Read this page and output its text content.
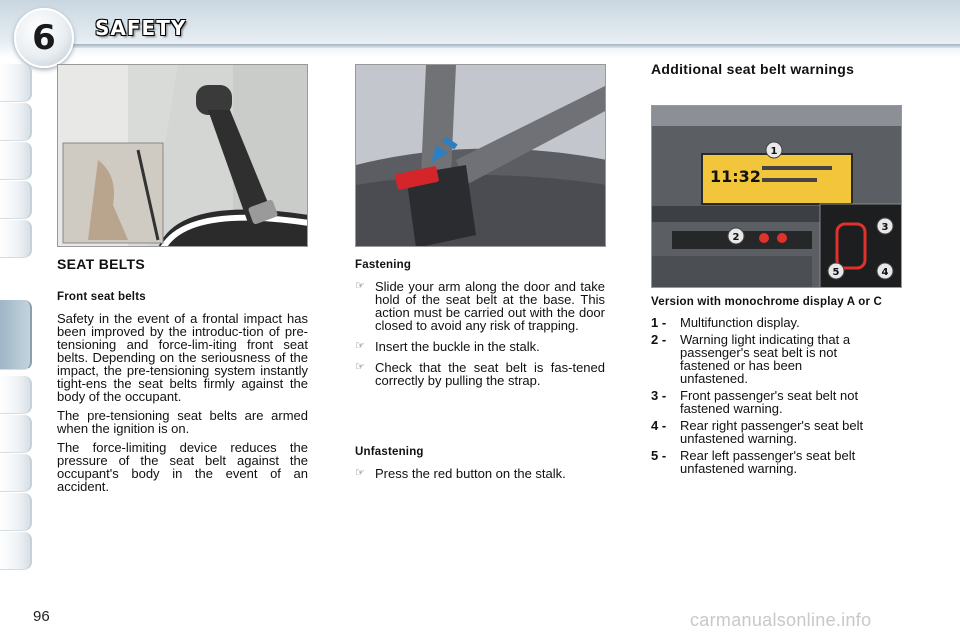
6 SAFETY
11:32
1
2
3
4
5
SEAT BELTS
Front seat belts

Safety in the event of a frontal impact has been improved by the introduc-tion of pre-tensioning and force-lim-iting front seat belts. Depending on the seriousness of the impact, the pre-tensioning system instantly tight-ens the seat belts firmly against the body of the occupant.

The pre-tensioning seat belts are armed when the ignition is on.

The force-limiting device reduces the pressure of the seat belt against the occupant's body in the event of an accident.

Fastening
☞ Slide your arm along the door and take hold of the seat belt at the base. This action must be carried out with the door closed to avoid any risk of trapping.
☞ Insert the buckle in the stalk.
☞ Check that the seat belt is fas-tened correctly by pulling the strap.
Unfastening
☞ Press the red button on the stalk.
Additional seat belt warnings
Version with monochrome display A or C
1 - Multifunction display.
2 - Warning light indicating that a passenger's seat belt is not fastened or has been unfastened.
3 - Front passenger's seat belt not fastened warning.
4 - Rear right passenger's seat belt unfastened warning.
5 - Rear left passenger's seat belt unfastened warning.
96	carmanualsonline.info
